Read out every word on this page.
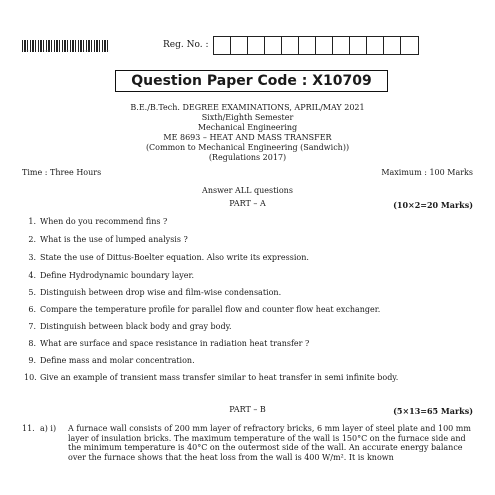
Reg. No. :
Question Paper Code : X10709
B.E./B.Tech. DEGREE EXAMINATIONS, APRIL/MAY 2021
Sixth/Eighth Semester
Mechanical Engineering
ME 8693 – HEAT AND MASS TRANSFER
(Common to Mechanical Engineering (Sandwich))
(Regulations 2017)
Time : Three Hours	Maximum : 100 Marks
Answer ALL questions
PART – A	(10×2=20 Marks)
1. When do you recommend fins ?
2. What is the use of lumped analysis ?
3. State the use of Dittus-Boelter equation. Also write its expression.
4. Define Hydrodynamic boundary layer.
5. Distinguish between drop wise and film-wise condensation.
6. Compare the temperature profile for parallel flow and counter flow heat exchanger.
7. Distinguish between black body and gray body.
8. What are surface and space resistance in radiation heat transfer ?
9. Define mass and molar concentration.
10. Give an example of transient mass transfer similar to heat transfer in semi infinite body.
PART – B	(5×13=65 Marks)
11. a) i) A furnace wall consists of 200 mm layer of refractory bricks, 6 mm layer of steel plate and 100 mm layer of insulation bricks. The maximum temperature of the wall is 150°C on the furnace side and the minimum temperature is 40°C on the outermost side of the wall. An accurate energy balance over the furnace shows that the heat loss from the wall is 400 W/m². It is known
